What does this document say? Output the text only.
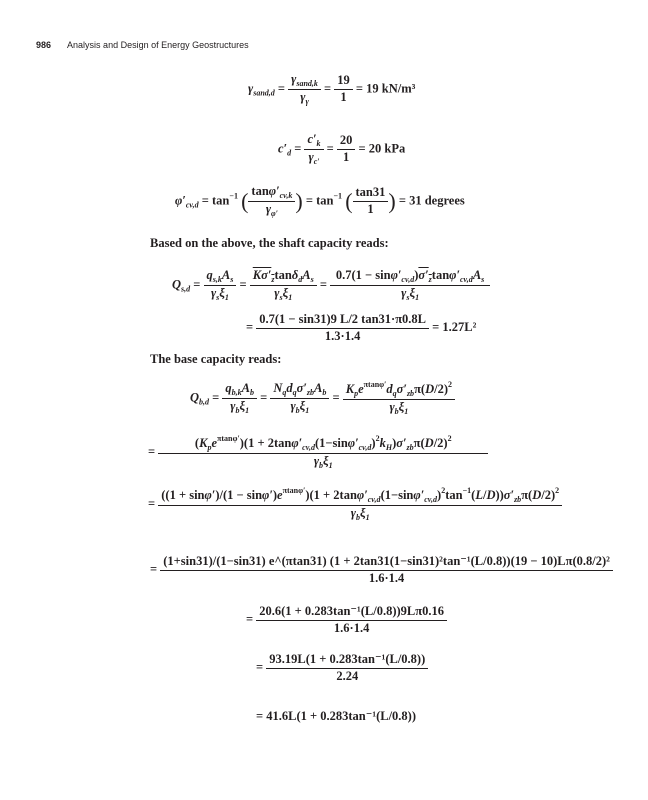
986 Analysis and Design of Energy Geostructures
$\gamma_{sand,d} = \frac{\gamma_{sand,k}}{\gamma_\gamma} = \frac{19}{1} = 19$ kN/m³
$c'_d = \frac{c'_k}{\gamma_{c'}} = \frac{20}{1} = 20$ kPa
$\varphi'_{cv,d} = \tan^{-1}$ ( $\frac{\tan\varphi'_{cv,k}}{\gamma_{\varphi'}}$ ) = $\tan^{-1}$ ( $\frac{\tan 31}{1}$ ) = 31 degrees
Based on the above, the shaft capacity reads:
$Q_{s,d} = \frac{q_{s,k}A_s}{\gamma_s\xi_1} = \frac{K\sigma'_z\tan\delta_dA_s}{\gamma_s\xi_1} = \frac{0.7(1 - \sin\varphi'_{cv,d})\sigma'_z\tan\varphi'_{cv,d}A_s}{\gamma_s\xi_1}$
= $\frac{0.7(1 - \sin 31)9 L/2 \tan 31\cdot\pi 0.8L}{1.3\cdot 1.4} = 1.27L^2$
The base capacity reads:
$Q_{b,d} = \frac{q_{b,k}A_b}{\gamma_b\xi_1} = \frac{N_qd_q\sigma'_{zb}A_b}{\gamma_b\xi_1} = \frac{K_pe^{\pi tan\varphi'}d_q\sigma'_{zb}\pi(D/2)^2}{\gamma_b\xi_1}$
= $\frac{(K_pe^{\pi tan\varphi'})(1 + 2\tan\varphi'_{cv,d}(1-\sin\varphi'_{cv,d})^2k_H)\sigma'_{zb}\pi(D/2)^2}{\gamma_b\xi_1}$
=
$((1 + \sin\varphi')/(1 - \sin\varphi')e^{\pi tan\varphi'})(1 + 2\tan\varphi'_{cv,d}(1-\sin\varphi'_{cv,d})^2\tan^{-1}(L/D))\sigma'_{zb}\pi(D/2)^2$
$\gamma_b\xi_1$
=
(1+sin31)/(1−sin31) e^(πtan31) (1 + 2tan31(1−sin31)²tan⁻¹(L/0.8))(19 − 10)Lπ(0.8/2)²
1.6·1.4
= $\frac{\text{20.6(1 + 0.283tan⁻¹(L/0.8))9Lπ0.16}}{1.6\cdot 1.4}$
= $\frac{\text{93.19L(1 + 0.283tan⁻¹(L/0.8))}}{2.24}$
= 41.6L(1 + 0.283tan⁻¹(L/0.8))
